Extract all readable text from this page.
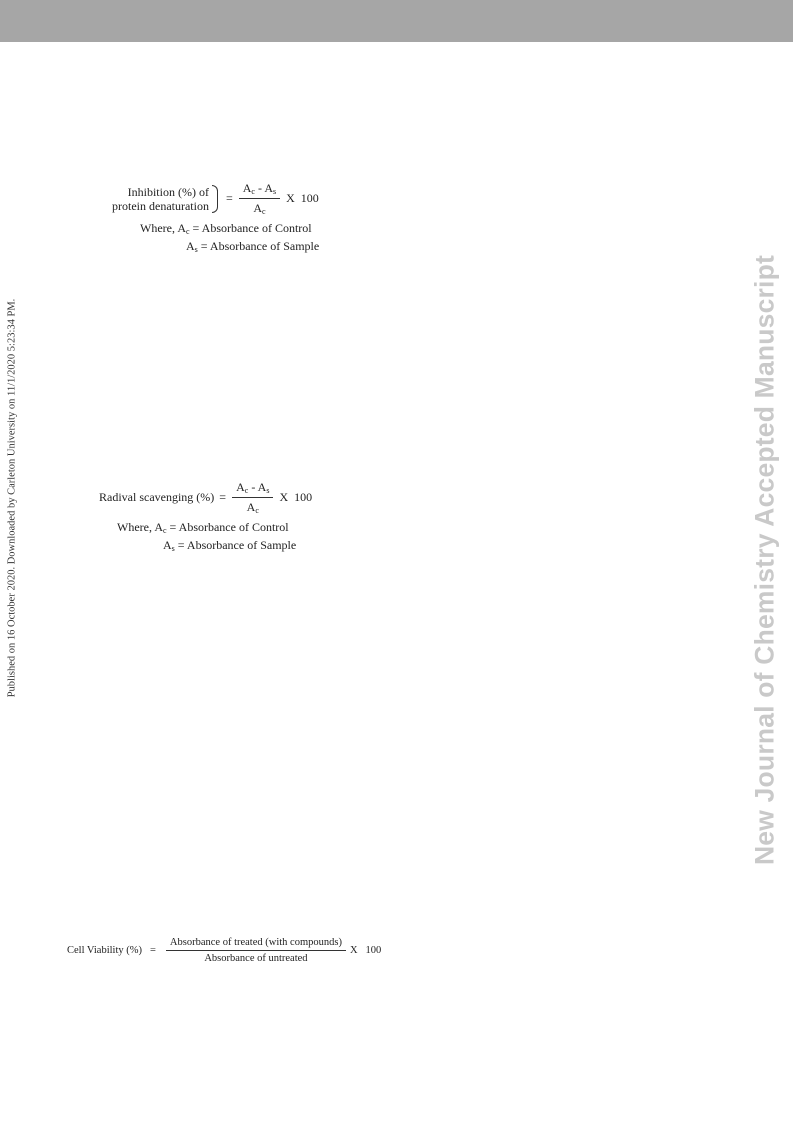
Published on 16 October 2020. Downloaded by Carleton University on 11/1/2020 5:23:34 PM.	New Journal of Chemistry Accepted Manuscript
Inhibition (%) of
protein denaturation
= $\frac{A_c - A_s}{A_c}$ X 100
Where, $A_c$ = Absorbance of Control
$A_s$ = Absorbance of Sample
Radival scavenging (%) = $\frac{A_c - A_s}{A_c}$ X 100
Where, $A_c$ = Absorbance of Control
$A_s$ = Absorbance of Sample
Cell Viability (%) = $\frac{\text{Absorbance of treated (with compounds)}}{\text{Absorbance of untreated}}$ X 100
